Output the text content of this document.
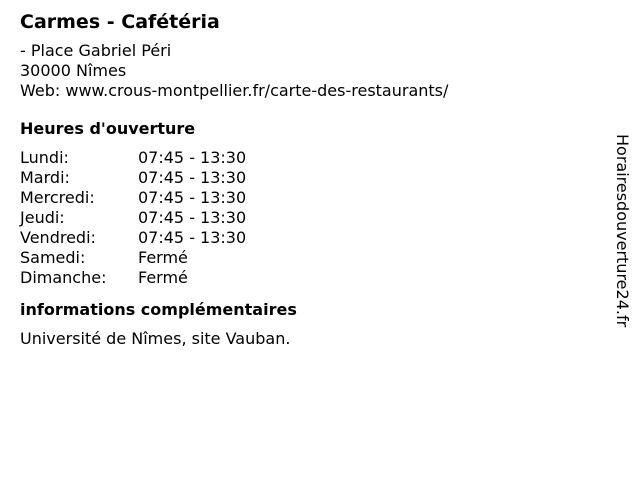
Carmes - Cafétéria
- Place Gabriel Péri
30000 Nîmes
Web: www.crous-montpellier.fr/carte-des-restaurants/
Heures d'ouverture
Lundi:	07:45 - 13:30
Mardi:	07:45 - 13:30
Mercredi:	07:45 - 13:30
Jeudi:	07:45 - 13:30
Vendredi:	07:45 - 13:30
Samedi:	Fermé
Dimanche:	Fermé
informations complémentaires
Université de Nîmes, site Vauban.
Horairesdouverture24.fr
